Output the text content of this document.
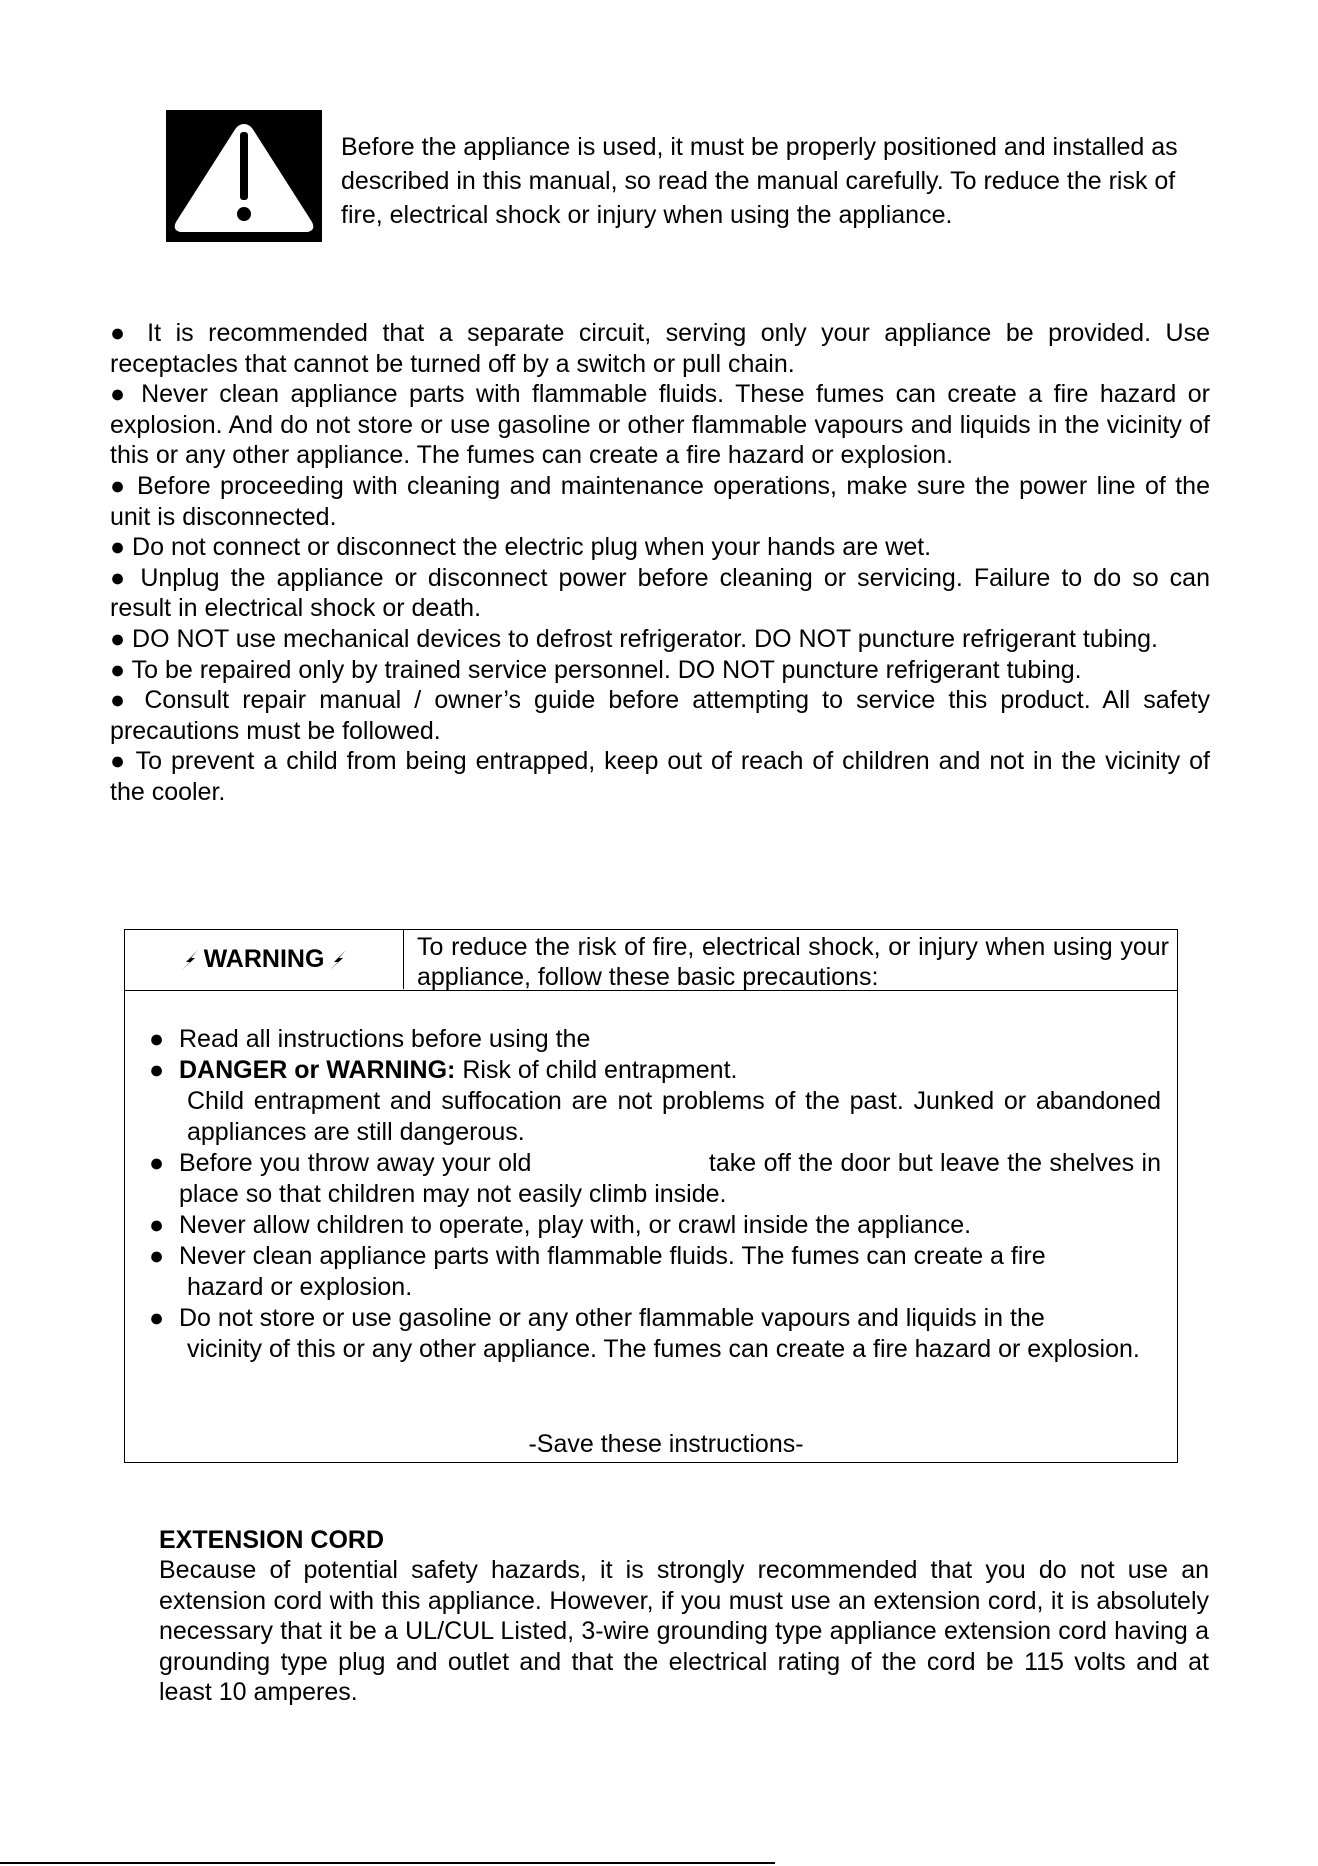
Before the appliance is used, it must be properly positioned and installed as described in this manual, so read the manual carefully. To reduce the risk of fire, electrical shock or injury when using the appliance.

● It is recommended that a separate circuit, serving only your appliance be provided. Use receptacles that cannot be turned off by a switch or pull chain.

● Never clean appliance parts with flammable fluids. These fumes can create a fire hazard or explosion. And do not store or use gasoline or other flammable vapours and liquids in the vicinity of this or any other appliance. The fumes can create a fire hazard or explosion.

● Before proceeding with cleaning and maintenance operations, make sure the power line of the unit is disconnected.

● Do not connect or disconnect the electric plug when your hands are wet.

● Unplug the appliance or disconnect power before cleaning or servicing. Failure to do so can result in electrical shock or death.

● DO NOT use mechanical devices to defrost refrigerator. DO NOT puncture refrigerant tubing.

● To be repaired only by trained service personnel. DO NOT puncture refrigerant tubing.

● Consult repair manual / owner’s guide before attempting to service this product. All safety precautions must be followed.

● To prevent a child from being entrapped, keep out of reach of children and not in the vicinity of the cooler.

WARNING	To reduce the risk of fire, electrical shock, or injury when using your appliance, follow these basic precautions:
● Read all instructions before using the
● DANGER or WARNING: Risk of child entrapment.
Child entrapment and suffocation are not problems of the past. Junked or abandoned appliances are still dangerous.
● Before you throw away your old                        take off the door but leave the shelves in place so that children may not easily climb inside.
● Never allow children to operate, play with, or crawl inside the appliance.
● Never clean appliance parts with flammable fluids. The fumes can create a fire
hazard or explosion.
● Do not store or use gasoline or any other flammable vapours and liquids in the
vicinity of this or any other appliance. The fumes can create a fire hazard or explosion.
-Save these instructions-
EXTENSION CORD

Because of potential safety hazards, it is strongly recommended that you do not use an extension cord with this appliance. However, if you must use an extension cord, it is absolutely necessary that it be a UL/CUL Listed, 3-wire grounding type appliance extension cord having a grounding type plug and outlet and that the electrical rating of the cord be 115 volts and at least 10 amperes.
